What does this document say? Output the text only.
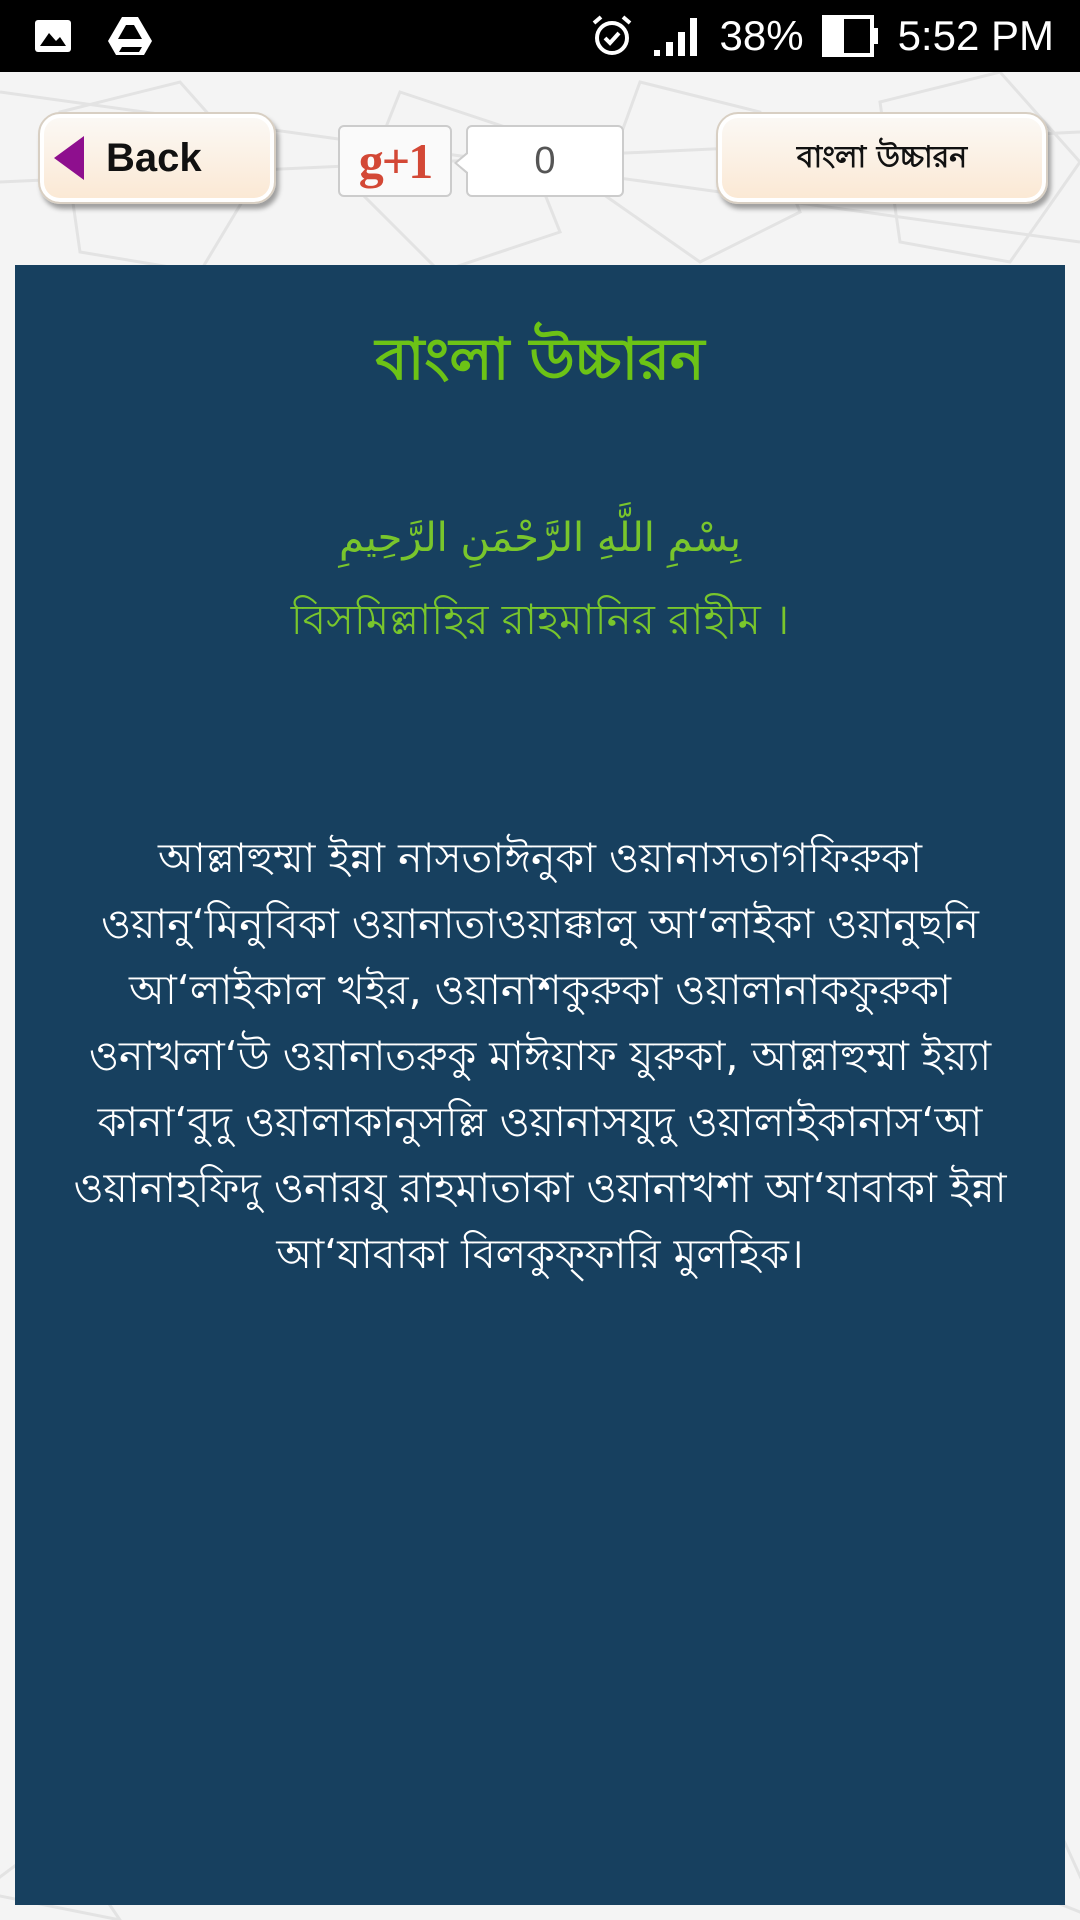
38% 5:52 PM
Back	g+1	0	বাংলা উচ্চারন
বাংলা উচ্চারন
بِسْمِ اللَّهِ الرَّحْمَنِ الرَّحِيمِ
বিসমিল্লাহির রাহমানির রাহীম ।
আল্লাহুম্মা ইন্না নাসতাঈনুকা ওয়ানাসতাগফিরুকা ওয়ানু‘মিনুবিকা ওয়ানাতাওয়াক্কালু আ‘লাইকা ওয়ানুছনি আ‘লাইকাল খইর, ওয়ানাশকুরুকা ওয়ালানাকফুরুকা ওনাখলা‘উ ওয়ানাতরুকু মাঈয়াফ যুরুকা, আল্লাহুম্মা ইয়্যা কানা‘বুদু ওয়ালাকানুসল্লি ওয়ানাসযুদু ওয়ালাইকানাস‘আ ওয়ানাহফিদু ওনারযু রাহমাতাকা ওয়ানাখশা আ‘যাবাকা ইন্না আ‘যাবাকা বিলকুফ্‌ফারি মুলহিক।
